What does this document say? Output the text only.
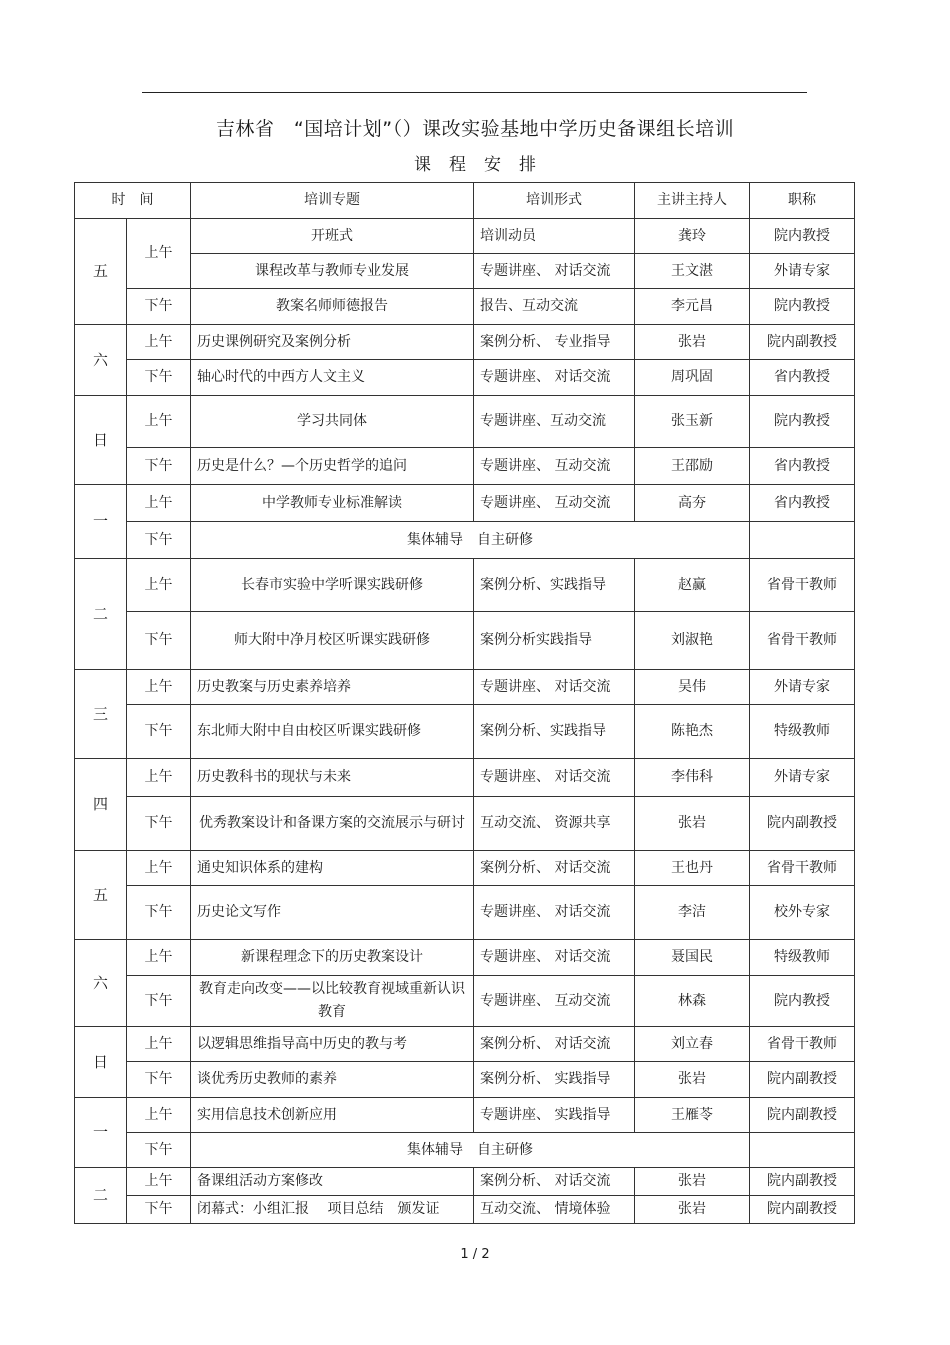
吉林省　“国培计划”（）课改实验基地中学历史备课组长培训
课 程 安 排
时　间		培训专题	培训形式	主讲主持人	职称
五	上午	开班式	培训动员	龚玲	院内教授
		课程改革与教师专业发展	专题讲座、 对话交流	王文湛	外请专家
	下午	教案名师师德报告	报告、互动交流	李元昌	院内教授
六	上午	历史课例研究及案例分析	案例分析、 专业指导	张岩	院内副教授
	下午	轴心时代的中西方人文主义	专题讲座、 对话交流	周巩固	省内教授
日	上午	学习共同体	专题讲座、互动交流	张玉新	院内教授
	下午	历史是什么？—个历史哲学的追问	专题讲座、 互动交流	王邵励	省内教授
一	上午	中学教师专业标准解读	专题讲座、 互动交流	高夯	省内教授
	下午	集体辅导　自主研修			
二	上午	长春市实验中学听课实践研修	案例分析、实践指导	赵赢	省骨干教师
	下午	师大附中净月校区听课实践研修	案例分析实践指导	刘淑艳	省骨干教师
三	上午	历史教案与历史素养培养	专题讲座、 对话交流	吴伟	外请专家
	下午	东北师大附中自由校区听课实践研修	案例分析、实践指导	陈艳杰	特级教师
四	上午	历史教科书的现状与未来	专题讲座、 对话交流	李伟科	外请专家
	下午	优秀教案设计和备课方案的交流展示与研讨	互动交流、 资源共享	张岩	院内副教授
五	上午	通史知识体系的建构	案例分析、 对话交流	王也丹	省骨干教师
	下午	历史论文写作	专题讲座、 对话交流	李洁	校外专家
六	上午	新课程理念下的历史教案设计	专题讲座、 对话交流	聂国民	特级教师
	下午	教育走向改变——以比较教育视域重新认识教育	专题讲座、 互动交流	林森	院内教授
日	上午	以逻辑思维指导高中历史的教与考	案例分析、 对话交流	刘立春	省骨干教师
	下午	谈优秀历史教师的素养	案例分析、 实践指导	张岩	院内副教授
一	上午	实用信息技术创新应用	专题讲座、 实践指导	王雁苓	院内副教授
	下午	集体辅导　自主研修			
二	上午	备课组活动方案修改	案例分析、 对话交流	张岩	院内副教授
	下午	闭幕式：小组汇报　 项目总结　颁发证	互动交流、 情境体验	张岩	院内副教授
1 / 2
